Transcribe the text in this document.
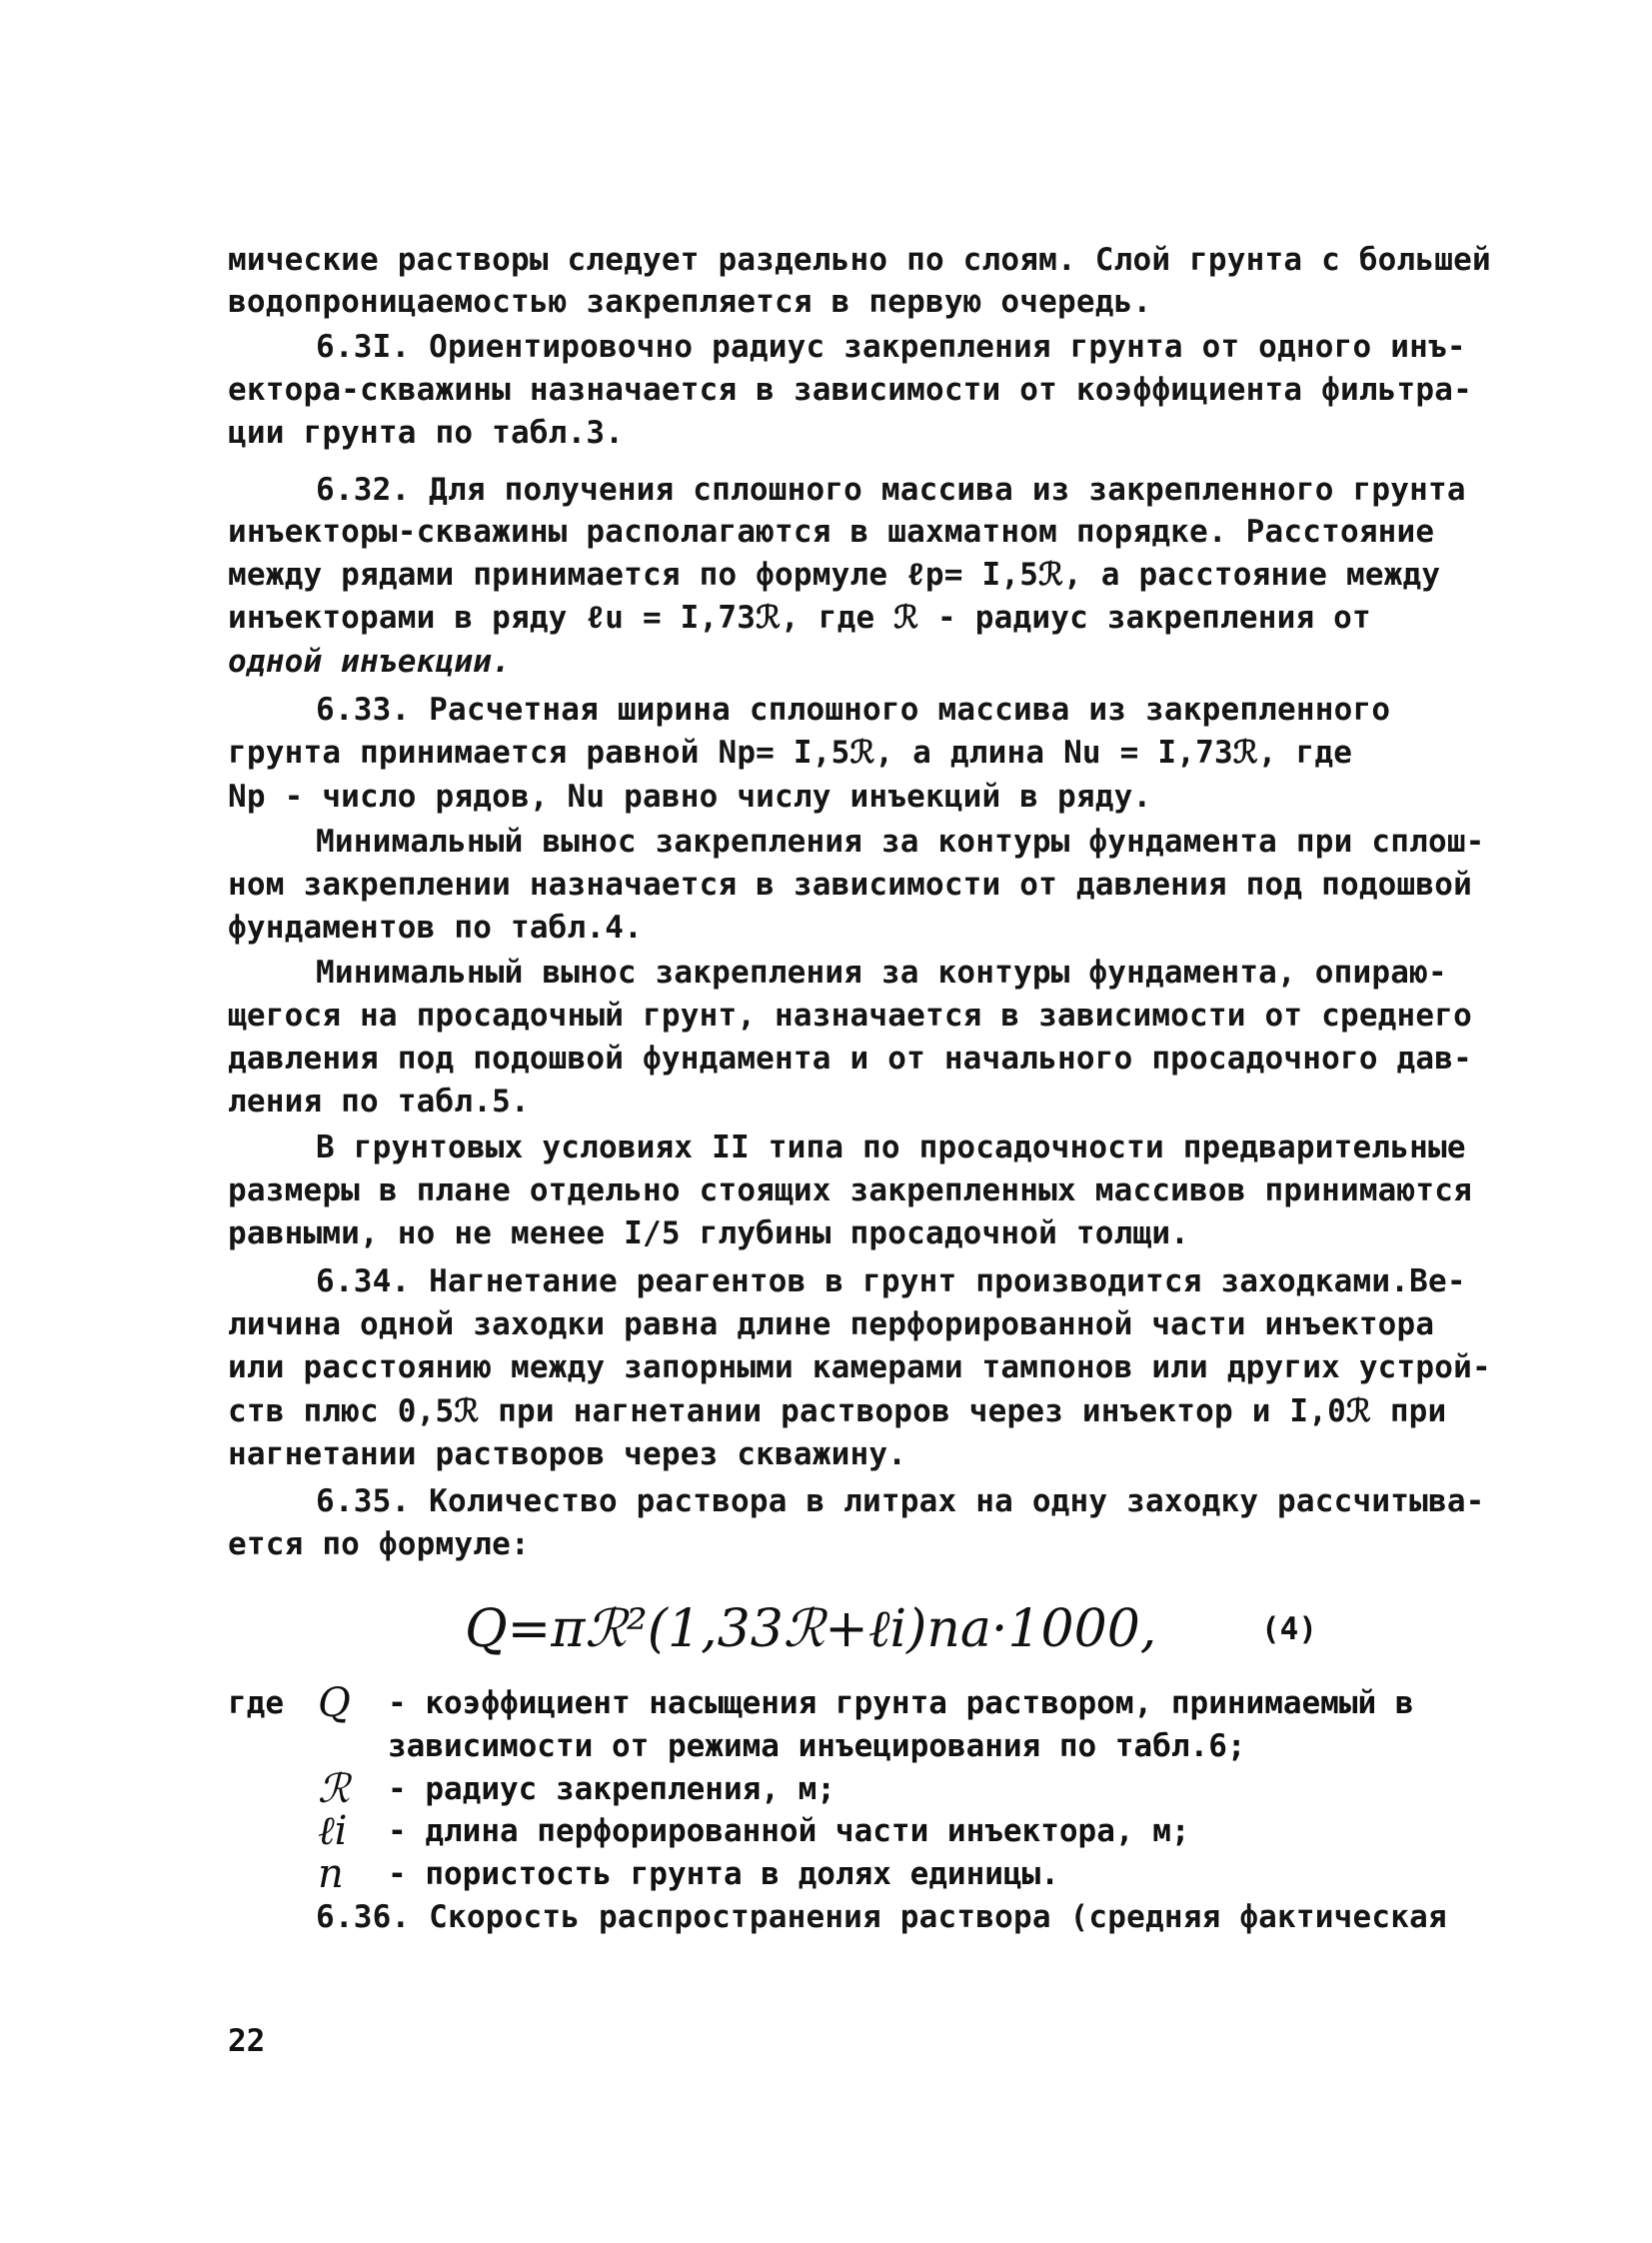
мические растворы следует раздельно по слоям. Слой грунта с большей
водопроницаемостью закрепляется в первую очередь.
6.3I. Ориентировочно радиус закрепления грунта от одного инъ-
ектора-скважины назначается в зависимости от коэффициента фильтра-
ции грунта по табл.3.
6.32. Для получения сплошного массива из закрепленного грунта
инъекторы-скважины располагаются в шахматном порядке. Расстояние
между рядами принимается по формуле ℓp= I,5ℛ, а расстояние между
инъекторами в ряду ℓu = I,73ℛ, где ℛ - радиус закрепления от
одной инъекции.
6.33. Расчетная ширина сплошного массива из закрепленного
грунта принимается равной Np= I,5ℛ, а длина Nu = I,73ℛ, где
Np - число рядов, Nu равно числу инъекций в ряду.
Минимальный вынос закрепления за контуры фундамента при сплош-
ном закреплении назначается в зависимости от давления под подошвой
фундаментов по табл.4.
Минимальный вынос закрепления за контуры фундамента, опираю-
щегося на просадочный грунт, назначается в зависимости от среднего
давления под подошвой фундамента и от начального просадочного дав-
ления по табл.5.
В грунтовых условиях II типа по просадочности предварительные
размеры в плане отдельно стоящих закрепленных массивов принимаются
равными, но не менее I/5 глубины просадочной толщи.
6.34. Нагнетание реагентов в грунт производится заходками.Ве-
личина одной заходки равна длине перфорированной части инъектора
или расстоянию между запорными камерами тампонов или других устрой-
ств плюс 0,5ℛ при нагнетании растворов через инъектор и I,0ℛ при
нагнетании растворов через скважину.
6.35. Количество раствора в литрах на одну заходку рассчитыва-
ется по формуле:
Q=πℛ²(1,33ℛ+ℓi)na·1000,	(4)
где Q	- коэффициент насыщения грунта раствором, принимаемый в
зависимости от режима инъецирования по табл.6;
ℛ	- радиус закрепления, м;
ℓi	- длина перфорированной части инъектора, м;
n	- пористость грунта в долях единицы.
6.36. Скорость распространения раствора (средняя фактическая
22
